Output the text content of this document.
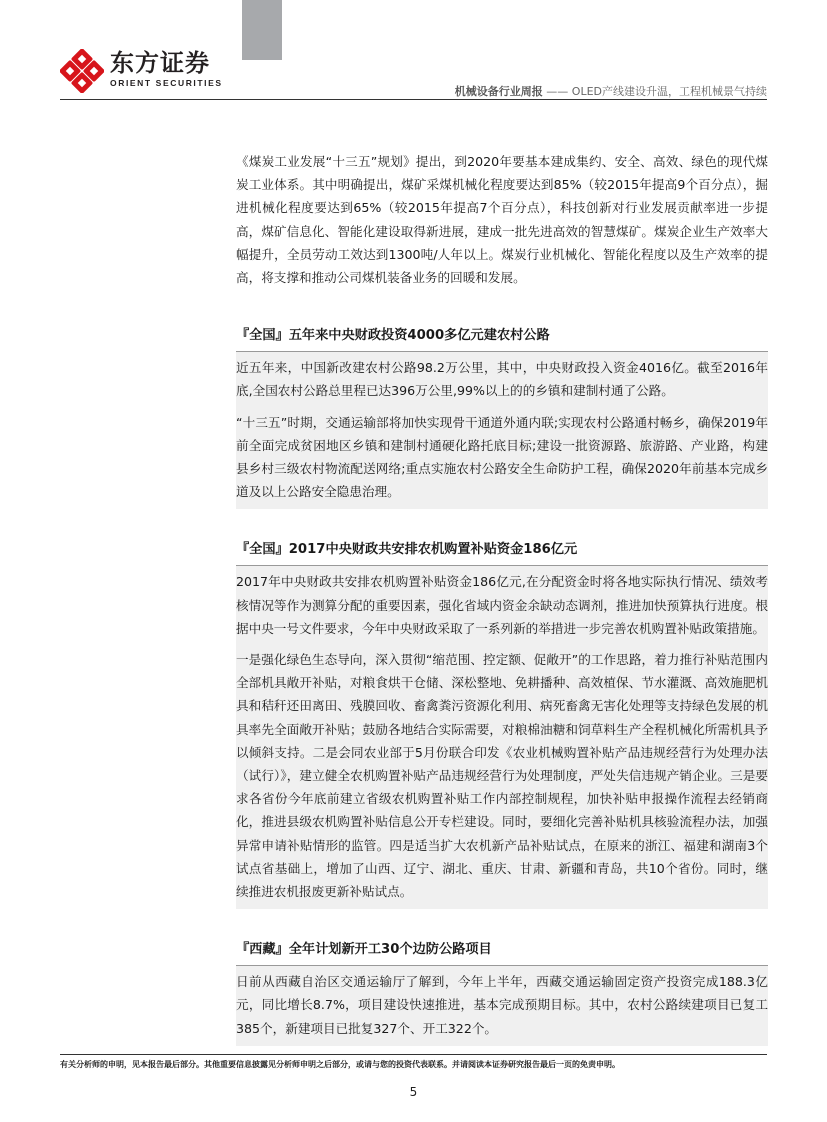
东方证券
ORIENT SECURITIES
机械设备行业周报 —— OLED产线建设升温，工程机械景气持续

《煤炭工业发展“十三五”规划》提出，到2020年要基本建成集约、安全、高效、绿色的现代煤炭工业体系。其中明确提出，煤矿采煤机械化程度要达到85%（较2015年提高9个百分点），掘进机械化程度要达到65%（较2015年提高7个百分点），科技创新对行业发展贡献率进一步提高，煤矿信息化、智能化建设取得新进展，建成一批先进高效的智慧煤矿。煤炭企业生产效率大幅提升，全员劳动工效达到1300吨/人年以上。煤炭行业机械化、智能化程度以及生产效率的提高，将支撑和推动公司煤机装备业务的回暖和发展。

『全国』五年来中央财政投资4000多亿元建农村公路

近五年来，中国新改建农村公路98.2万公里，其中，中央财政投入资金4016亿。截至2016年底,全国农村公路总里程已达396万公里,99%以上的的乡镇和建制村通了公路。

“十三五”时期，交通运输部将加快实现骨干通道外通内联;实现农村公路通村畅乡，确保2019年前全面完成贫困地区乡镇和建制村通硬化路托底目标;建设一批资源路、旅游路、产业路，构建县乡村三级农村物流配送网络;重点实施农村公路安全生命防护工程，确保2020年前基本完成乡道及以上公路安全隐患治理。

『全国』2017中央财政共安排农机购置补贴资金186亿元

2017年中央财政共安排农机购置补贴资金186亿元,在分配资金时将各地实际执行情况、绩效考核情况等作为测算分配的重要因素，强化省域内资金余缺动态调剂，推进加快预算执行进度。根据中央一号文件要求，今年中央财政采取了一系列新的举措进一步完善农机购置补贴政策措施。

一是强化绿色生态导向，深入贯彻“缩范围、控定额、促敞开”的工作思路，着力推行补贴范围内全部机具敞开补贴，对粮食烘干仓储、深松整地、免耕播种、高效植保、节水灌溉、高效施肥机具和秸秆还田离田、残膜回收、畜禽粪污资源化利用、病死畜禽无害化处理等支持绿色发展的机具率先全面敞开补贴；鼓励各地结合实际需要，对粮棉油糖和饲草料生产全程机械化所需机具予以倾斜支持。二是会同农业部于5月份联合印发《农业机械购置补贴产品违规经营行为处理办法（试行）》，建立健全农机购置补贴产品违规经营行为处理制度，严处失信违规产销企业。三是要求各省份今年底前建立省级农机购置补贴工作内部控制规程，加快补贴申报操作流程去经销商化，推进县级农机购置补贴信息公开专栏建设。同时，要细化完善补贴机具核验流程办法，加强异常申请补贴情形的监管。四是适当扩大农机新产品补贴试点，在原来的浙江、福建和湖南3个试点省基础上，增加了山西、辽宁、湖北、重庆、甘肃、新疆和青岛，共10个省份。同时，继续推进农机报废更新补贴试点。

『西藏』全年计划新开工30个边防公路项目

日前从西藏自治区交通运输厅了解到，今年上半年，西藏交通运输固定资产投资完成188.3亿元，同比增长8.7%，项目建设快速推进，基本完成预期目标。其中，农村公路续建项目已复工385个，新建项目已批复327个、开工322个。

有关分析师的申明，见本报告最后部分。其他重要信息披露见分析师申明之后部分，或请与您的投资代表联系。并请阅读本证券研究报告最后一页的免责申明。
5
